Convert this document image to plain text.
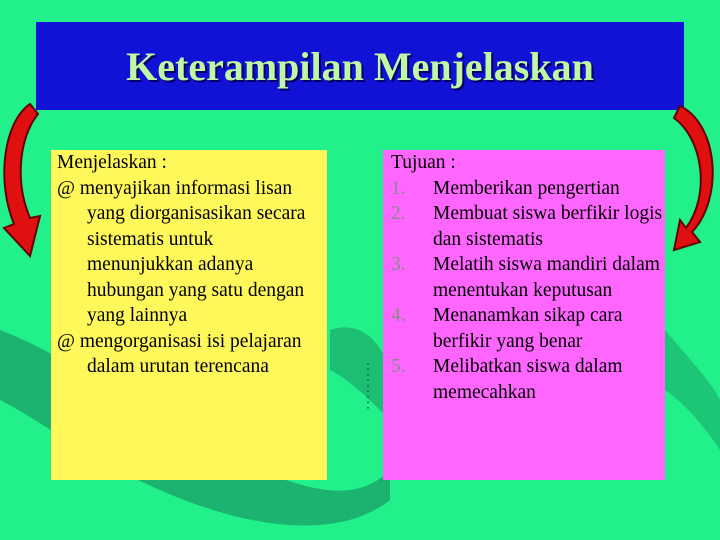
Keterampilan Menjelaskan
Menjelaskan :
@ menyajikan informasi lisan yang diorganisasikan secara sistematis untuk menunjukkan adanya hubungan yang satu dengan yang lainnya
@ mengorganisasi isi pelajaran dalam urutan terencana
Tujuan :
1.	Memberikan pengertian
2.	Membuat siswa berfikir logis dan sistematis
3.	Melatih siswa mandiri dalam menentukan keputusan
4.	Menanamkan sikap cara berfikir yang benar
5.	Melibatkan siswa dalam memecahkan
